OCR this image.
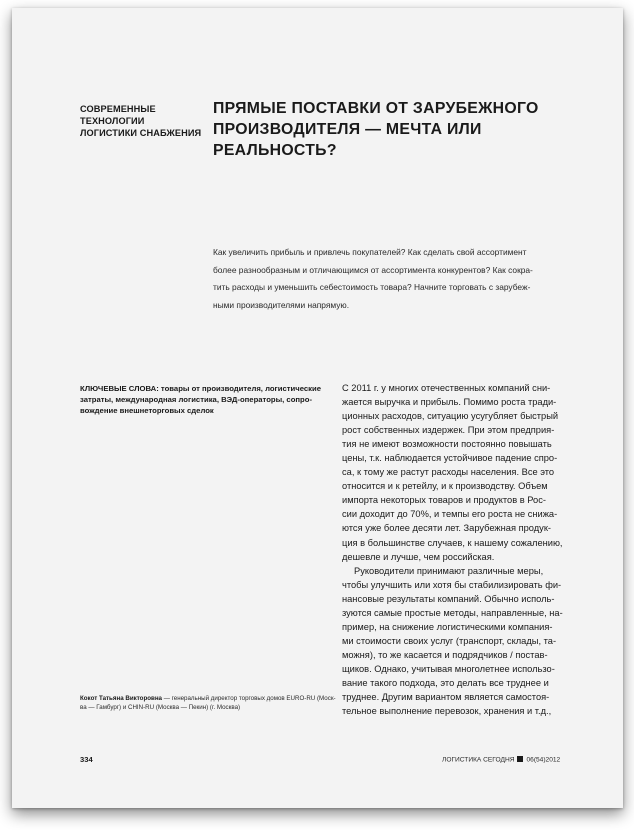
СОВРЕМЕННЫЕ
ТЕХНОЛОГИИ
ЛОГИСТИКИ СНАБЖЕНИЯ
ПРЯМЫЕ ПОСТАВКИ ОТ ЗАРУБЕЖНОГО
ПРОИЗВОДИТЕЛЯ — МЕЧТА ИЛИ
РЕАЛЬНОСТЬ?
Как увеличить прибыль и привлечь покупателей? Как сделать свой ассортимент
более разнообразным и отличающимся от ассортимента конкурентов? Как сокра-
тить расходы и уменьшить себестоимость товара? Начните торговать с зарубеж-
ными производителями напрямую.
КЛЮЧЕВЫЕ СЛОВА: товары от производителя, логистические
затраты, международная логистика, ВЭД-операторы, сопро-
вождение внешнеторговых сделок
С 2011 г. у многих отечественных компаний сни-
жается выручка и прибыль. Помимо роста тради-
ционных расходов, ситуацию усугубляет быстрый
рост собственных издержек. При этом предприя-
тия не имеют возможности постоянно повышать
цены, т.к. наблюдается устойчивое падение спро-
са, к тому же растут расходы населения. Все это
относится и к ретейлу, и к производству. Объем
импорта некоторых товаров и продуктов в Рос-
сии доходит до 70%, и темпы его роста не снижа-
ются уже более десяти лет. Зарубежная продук-
ция в большинстве случаев, к нашему сожалению,
дешевле и лучше, чем российская.
Руководители принимают различные меры,
чтобы улучшить или хотя бы стабилизировать фи-
нансовые результаты компаний. Обычно исполь-
зуются самые простые методы, направленные, на-
пример, на снижение логистическими компания-
ми стоимости своих услуг (транспорт, склады, та-
можня), то же касается и подрядчиков / постав-
щиков. Однако, учитывая многолетнее использо-
вание такого подхода, это делать все труднее и
труднее. Другим вариантом является самостоя-
тельное выполнение перевозок, хранения и т.д.,
Кокот Татьяна Викторовна — генеральный директор торговых домов EURO-RU (Моск-
ва — Гамбург) и CHIN-RU (Москва — Пекин) (г. Москва)
334	ЛОГИСТИКА СЕГОДНЯ 06(54)2012
